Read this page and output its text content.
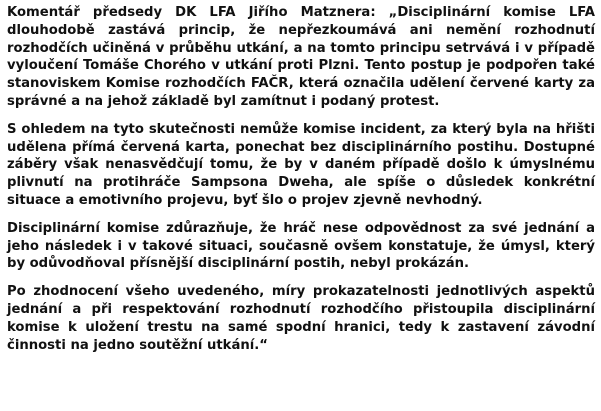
Komentář předsedy DK LFA Jiřího Matznera: „Disciplinární komise LFA dlouhodobě zastává princip, že nepřezkoumává ani nemění rozhodnutí rozhodčích učiněná v průběhu utkání, a na tomto principu setrvává i v případě vyloučení Tomáše Chorého v utkání proti Plzni. Tento postup je podpořen také stanoviskem Komise rozhodčích FAČR, která označila udělení červené karty za správné a na jehož základě byl zamítnut i podaný protest.

S ohledem na tyto skutečnosti nemůže komise incident, za který byla na hřišti udělena přímá červená karta, ponechat bez disciplinárního postihu. Dostupné záběry však nenasvědčují tomu, že by v daném případě došlo k úmyslnému plivnutí na protihráče Sampsona Dweha, ale spíše o důsledek konkrétní situace a emotivního projevu, byť šlo o projev zjevně nevhodný.

Disciplinární komise zdůrazňuje, že hráč nese odpovědnost za své jednání a jeho následek i v takové situaci, současně ovšem konstatuje, že úmysl, který by odůvodňoval přísnější disciplinární postih, nebyl prokázán.

Po zhodnocení všeho uvedeného, míry prokazatelnosti jednotlivých aspektů jednání a při respektování rozhodnutí rozhodčího přistoupila disciplinární komise k uložení trestu na samé spodní hranici, tedy k zastavení závodní činnosti na jedno soutěžní utkání.“
